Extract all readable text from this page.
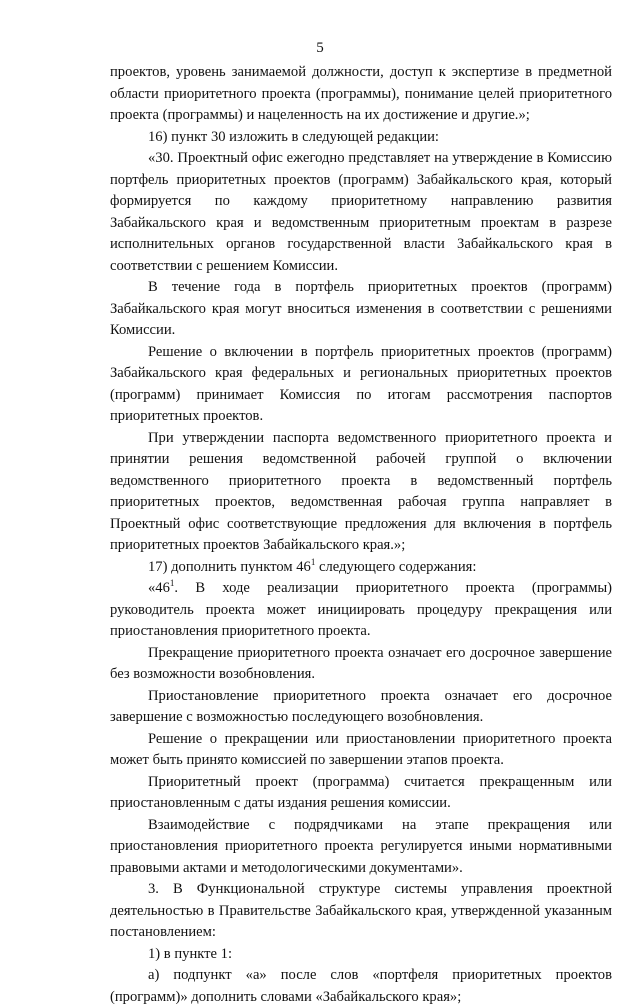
5

проектов, уровень занимаемой должности, доступ к экспертизе в предметной области приоритетного проекта (программы), понимание целей приоритетного проекта (программы) и нацеленность на их достижение и другие.»;

16) пункт 30 изложить в следующей редакции:

«30. Проектный офис ежегодно представляет на утверждение в Комиссию портфель приоритетных проектов (программ) Забайкальского края, который формируется по каждому приоритетному направлению развития Забайкальского края и ведомственным приоритетным проектам в разрезе исполнительных органов государственной власти Забайкальского края в соответствии с решением Комиссии.

В течение года в портфель приоритетных проектов (программ) Забайкальского края могут вноситься изменения в соответствии с решениями Комиссии.

Решение о включении в портфель приоритетных проектов (программ) Забайкальского края федеральных и региональных приоритетных проектов (программ) принимает Комиссия по итогам рассмотрения паспортов приоритетных проектов.

При утверждении паспорта ведомственного приоритетного проекта и принятии решения ведомственной рабочей группой о включении ведомственного приоритетного проекта в ведомственный портфель приоритетных проектов, ведомственная рабочая группа направляет в Проектный офис соответствующие предложения для включения в портфель приоритетных проектов Забайкальского края.»;

17) дополнить пунктом $46^1$ следующего содержания:

«$46^1$. В ходе реализации приоритетного проекта (программы) руководитель проекта может инициировать процедуру прекращения или приостановления приоритетного проекта.

Прекращение приоритетного проекта означает его досрочное завершение без возможности возобновления.

Приостановление приоритетного проекта означает его досрочное завершение с возможностью последующего возобновления.

Решение о прекращении или приостановлении приоритетного проекта может быть принято комиссией по завершении этапов проекта.

Приоритетный проект (программа) считается прекращенным или приостановленным с даты издания решения комиссии.

Взаимодействие с подрядчиками на этапе прекращения или приостановления приоритетного проекта регулируется иными нормативными правовыми актами и методологическими документами».

3. В Функциональной структуре системы управления проектной деятельностью в Правительстве Забайкальского края, утвержденной указанным постановлением:

1) в пункте 1:

а) подпункт «а» после слов «портфеля приоритетных проектов (программ)» дополнить словами «Забайкальского края»;
